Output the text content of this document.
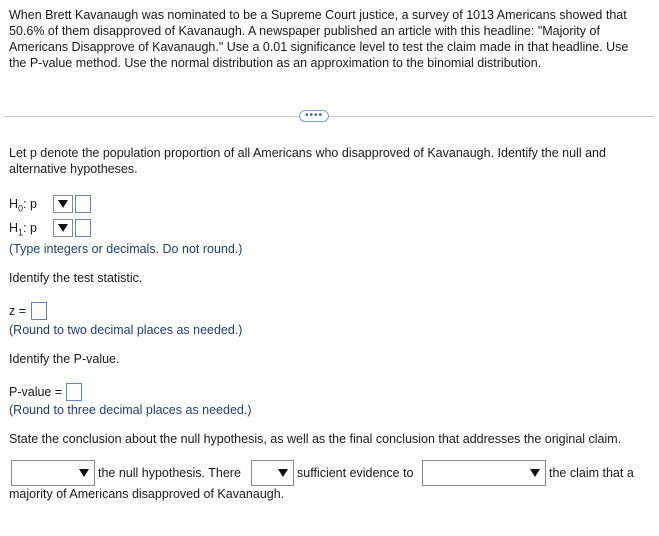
When Brett Kavanaugh was nominated to be a Supreme Court justice, a survey of 1013 Americans showed that 50.6% of them disapproved of Kavanaugh. A newspaper published an article with this headline: "Majority of Americans Disapprove of Kavanaugh." Use a 0.01 significance level to test the claim made in that headline. Use the P-value method. Use the normal distribution as an approximation to the binomial distribution.
••••
Let p denote the population proportion of all Americans who disapproved of Kavanaugh. Identify the null and alternative hypotheses.
$H_0$: p
$H_1$: p
(Type integers or decimals. Do not round.)
Identify the test statistic.
z =
(Round to two decimal places as needed.)
Identify the P-value.
P-value =
(Round to three decimal places as needed.)
State the conclusion about the null hypothesis, as well as the final conclusion that addresses the original claim.
the null hypothesis. There	sufficient evidence to	the claim that a
majority of Americans disapproved of Kavanaugh.
